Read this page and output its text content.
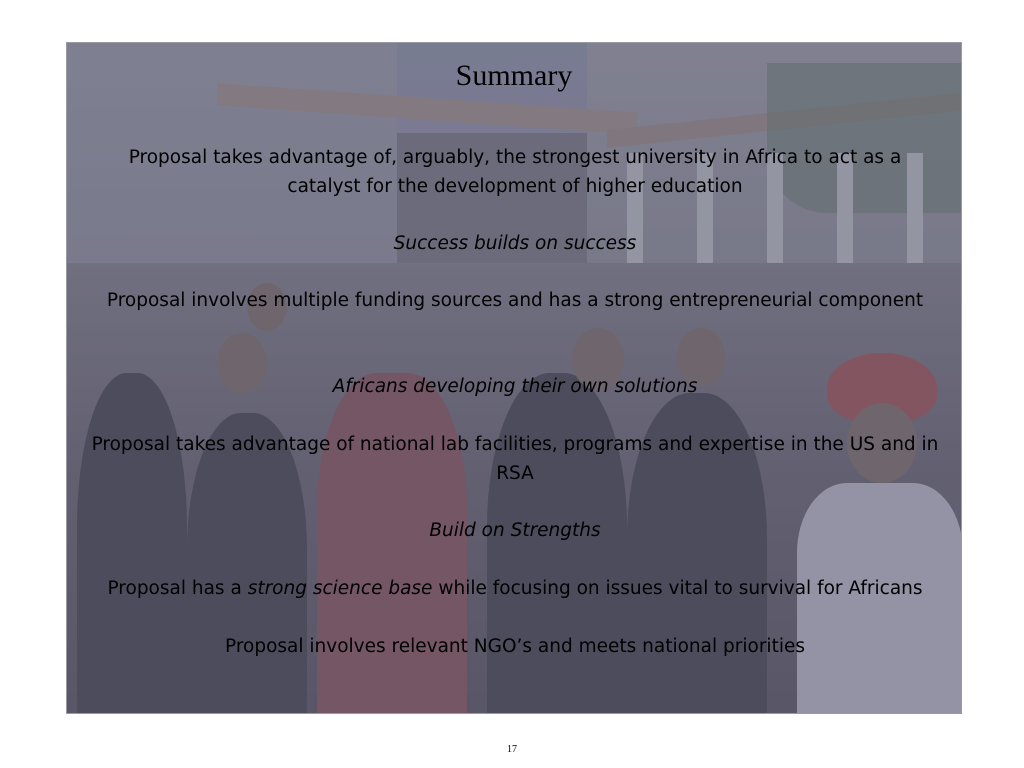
Summary
Proposal takes advantage of, arguably, the strongest university in Africa to act as a catalyst for the development of higher education
Success builds on success
Proposal involves multiple funding sources and has a strong entrepreneurial component
Africans developing their own solutions
Proposal takes advantage of national lab facilities, programs and expertise in the US and in RSA
Build on Strengths
Proposal has a strong science base while focusing on issues vital to survival for Africans
Proposal involves relevant NGO’s and meets national priorities
17
